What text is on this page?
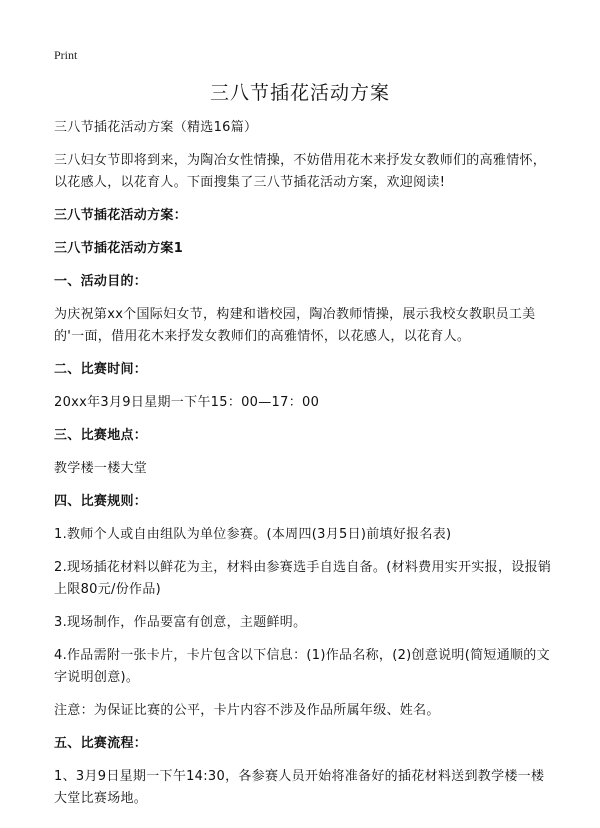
Print
三八节插花活动方案

三八节插花活动方案（精选16篇）

三八妇女节即将到来，为陶冶女性情操，不妨借用花木来抒发女教师们的高雅情怀，以花感人，以花育人。下面搜集了三八节插花活动方案，欢迎阅读!

三八节插花活动方案：

三八节插花活动方案1

一、活动目的：

为庆祝第xx个国际妇女节，构建和谐校园，陶冶教师情操，展示我校女教职员工美的'一面，借用花木来抒发女教师们的高雅情怀，以花感人，以花育人。

二、比赛时间：

20xx年3月9日星期一下午15：00—17：00

三、比赛地点：

教学楼一楼大堂

四、比赛规则：

1.教师个人或自由组队为单位参赛。(本周四(3月5日)前填好报名表)

2.现场插花材料以鲜花为主，材料由参赛选手自选自备。(材料费用实开实报，设报销上限80元/份作品)

3.现场制作，作品要富有创意，主题鲜明。

4.作品需附一张卡片，卡片包含以下信息：(1)作品名称，(2)创意说明(简短通顺的文字说明创意)。

注意：为保证比赛的公平，卡片内容不涉及作品所属年级、姓名。

五、比赛流程：

1、3月9日星期一下午14:30，各参赛人员开始将准备好的插花材料送到教学楼一楼大堂比赛场地。
